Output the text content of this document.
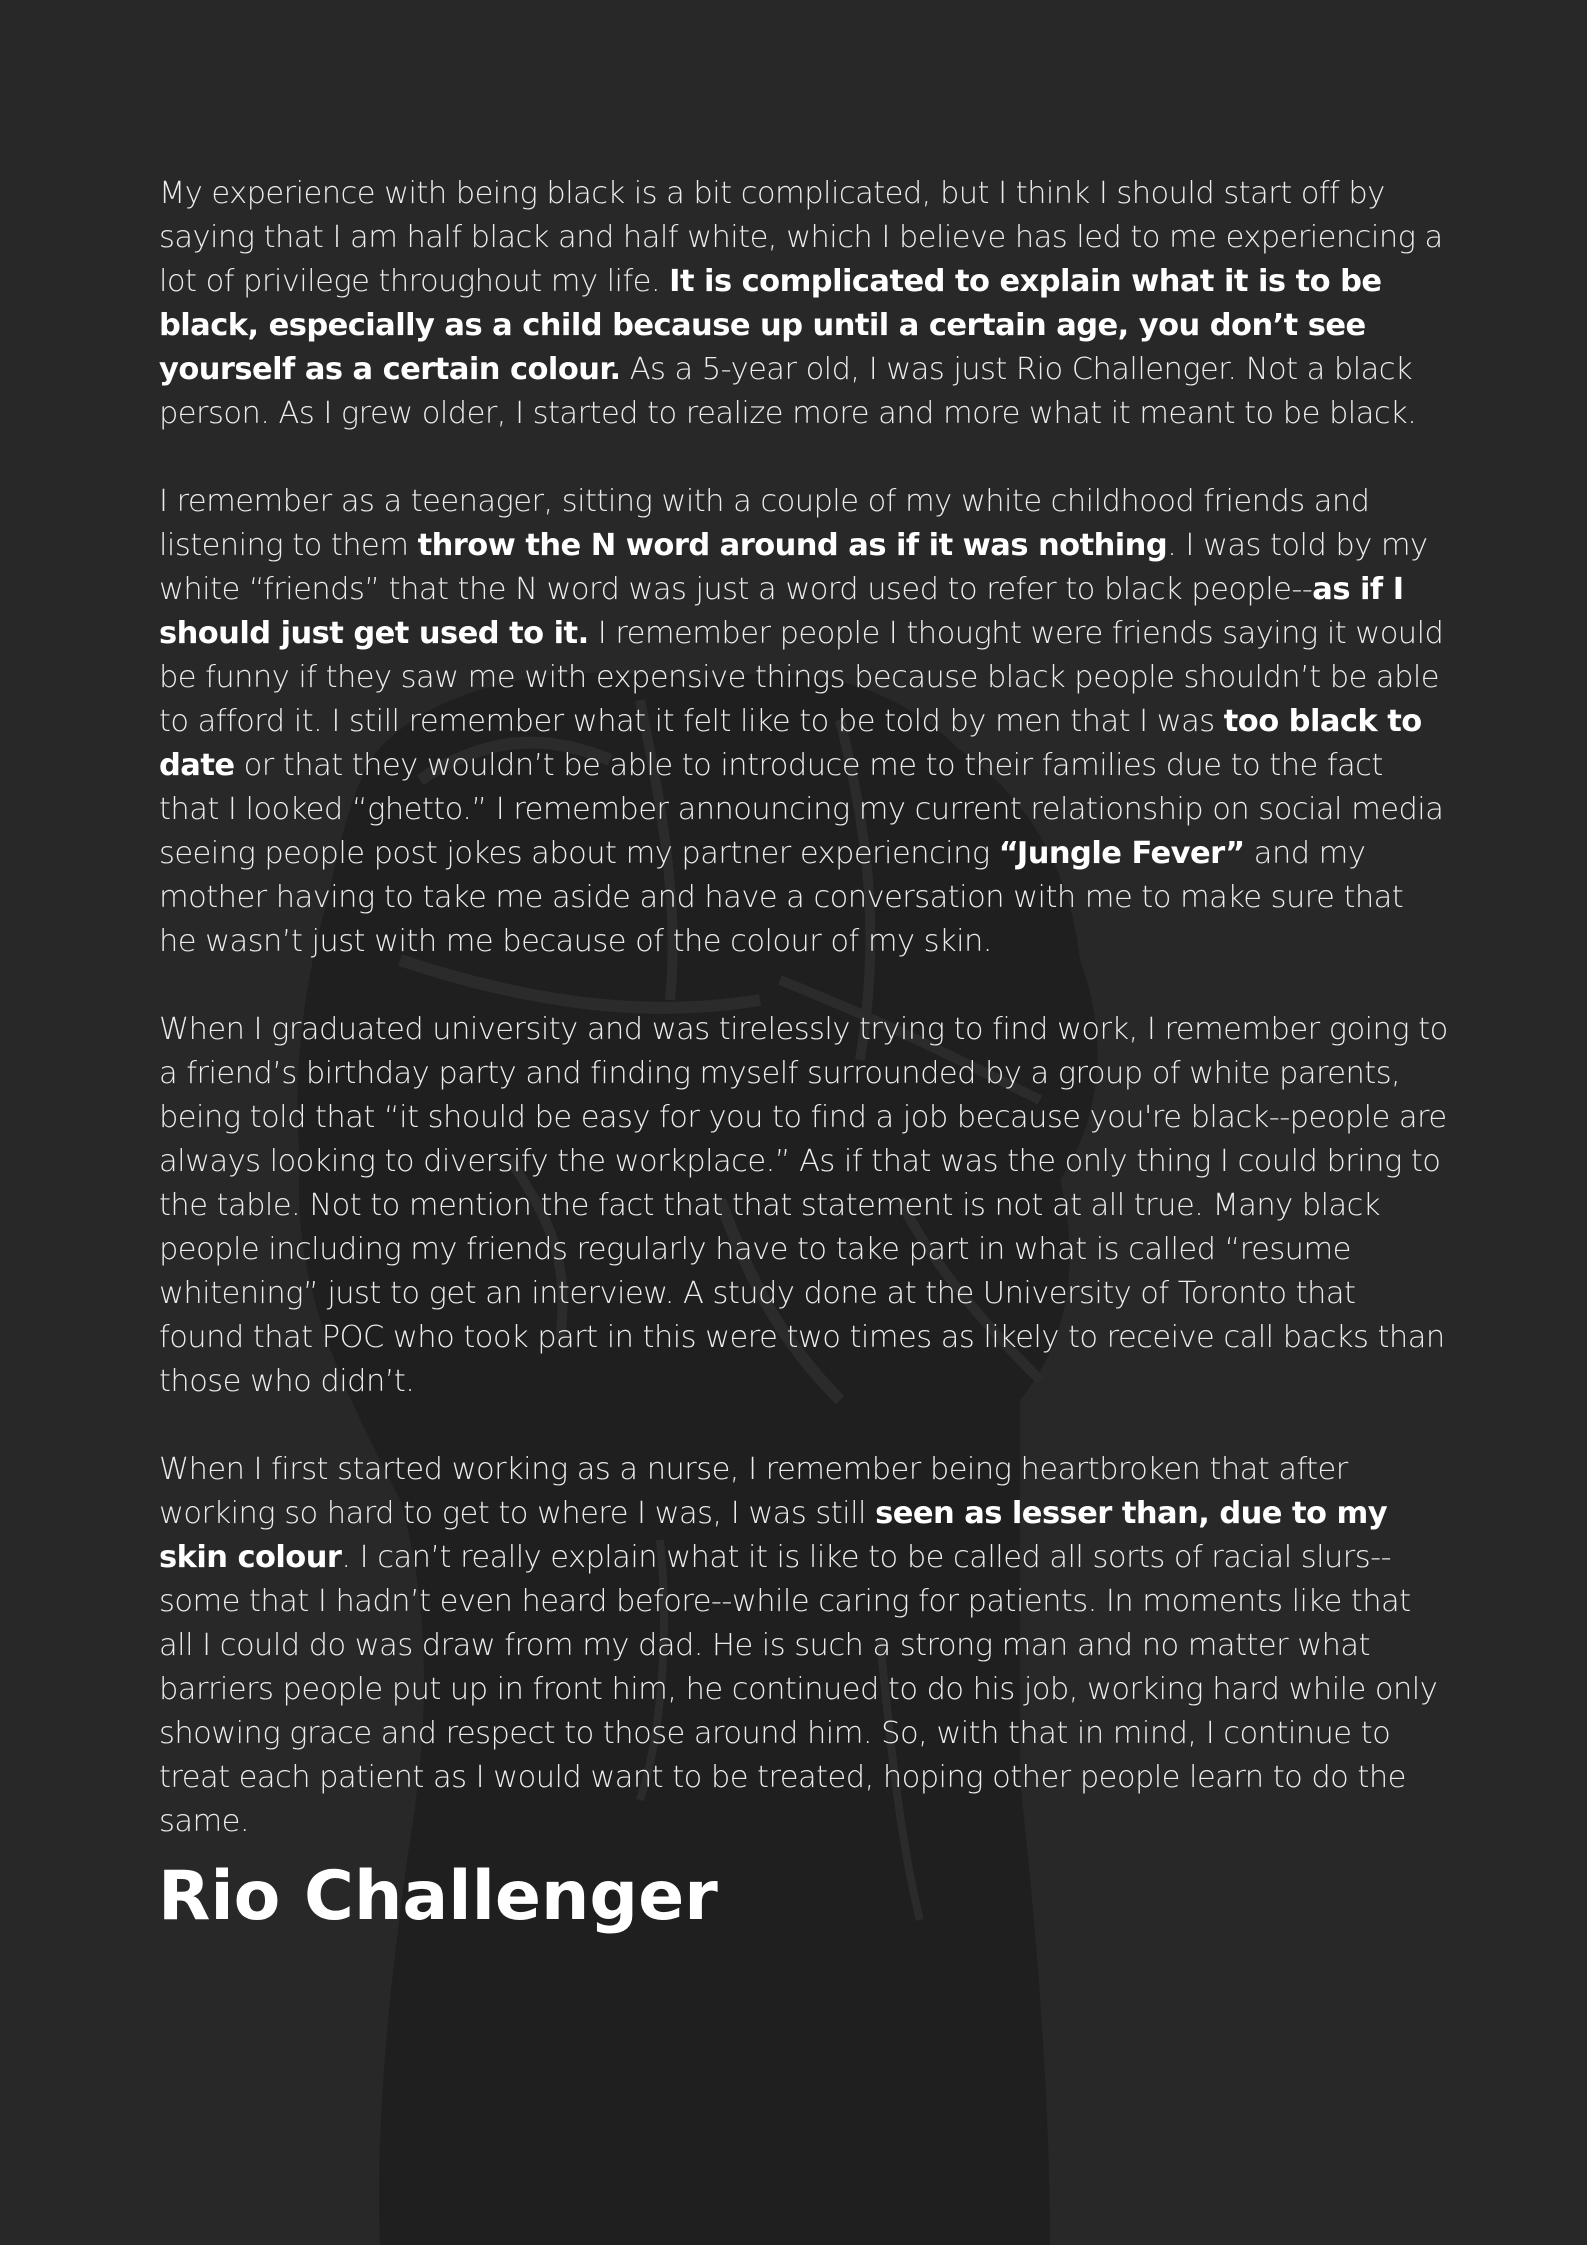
My experience with being black is a bit complicated, but I think I should start off by saying that I am half black and half white, which I believe has led to me experiencing a lot of privilege throughout my life. It is complicated to explain what it is to be black, especially as a child because up until a certain age, you don’t see yourself as a certain colour. As a 5-year old, I was just Rio Challenger. Not a black person. As I grew older, I started to realize more and more what it meant to be black.

I remember as a teenager, sitting with a couple of my white childhood friends and listening to them throw the N word around as if it was nothing. I was told by my white “friends” that the N word was just a word used to refer to black people--as if I should just get used to it. I remember people I thought were friends saying it would be funny if they saw me with expensive things because black people shouldn’t be able to afford it. I still remember what it felt like to be told by men that I was too black to date or that they wouldn’t be able to introduce me to their families due to the fact that I looked “ghetto.” I remember announcing my current relationship on social media seeing people post jokes about my partner experiencing “Jungle Fever” and my mother having to take me aside and have a conversation with me to make sure that he wasn’t just with me because of the colour of my skin.

When I graduated university and was tirelessly trying to find work, I remember going to a friend’s birthday party and finding myself surrounded by a group of white parents, being told that “it should be easy for you to find a job because you're black--people are always looking to diversify the workplace.” As if that was the only thing I could bring to the table. Not to mention the fact that that statement is not at all true. Many black people including my friends regularly have to take part in what is called “resume whitening” just to get an interview. A study done at the University of Toronto that found that POC who took part in this were two times as likely to receive call backs than those who didn’t.

When I first started working as a nurse, I remember being heartbroken that after working so hard to get to where I was, I was still seen as lesser than, due to my skin colour. I can’t really explain what it is like to be called all sorts of racial slurs--some that I hadn’t even heard before--while caring for patients. In moments like that all I could do was draw from my dad. He is such a strong man and no matter what barriers people put up in front him, he continued to do his job, working hard while only showing grace and respect to those around him. So, with that in mind, I continue to treat each patient as I would want to be treated, hoping other people learn to do the same.

Rio Challenger
